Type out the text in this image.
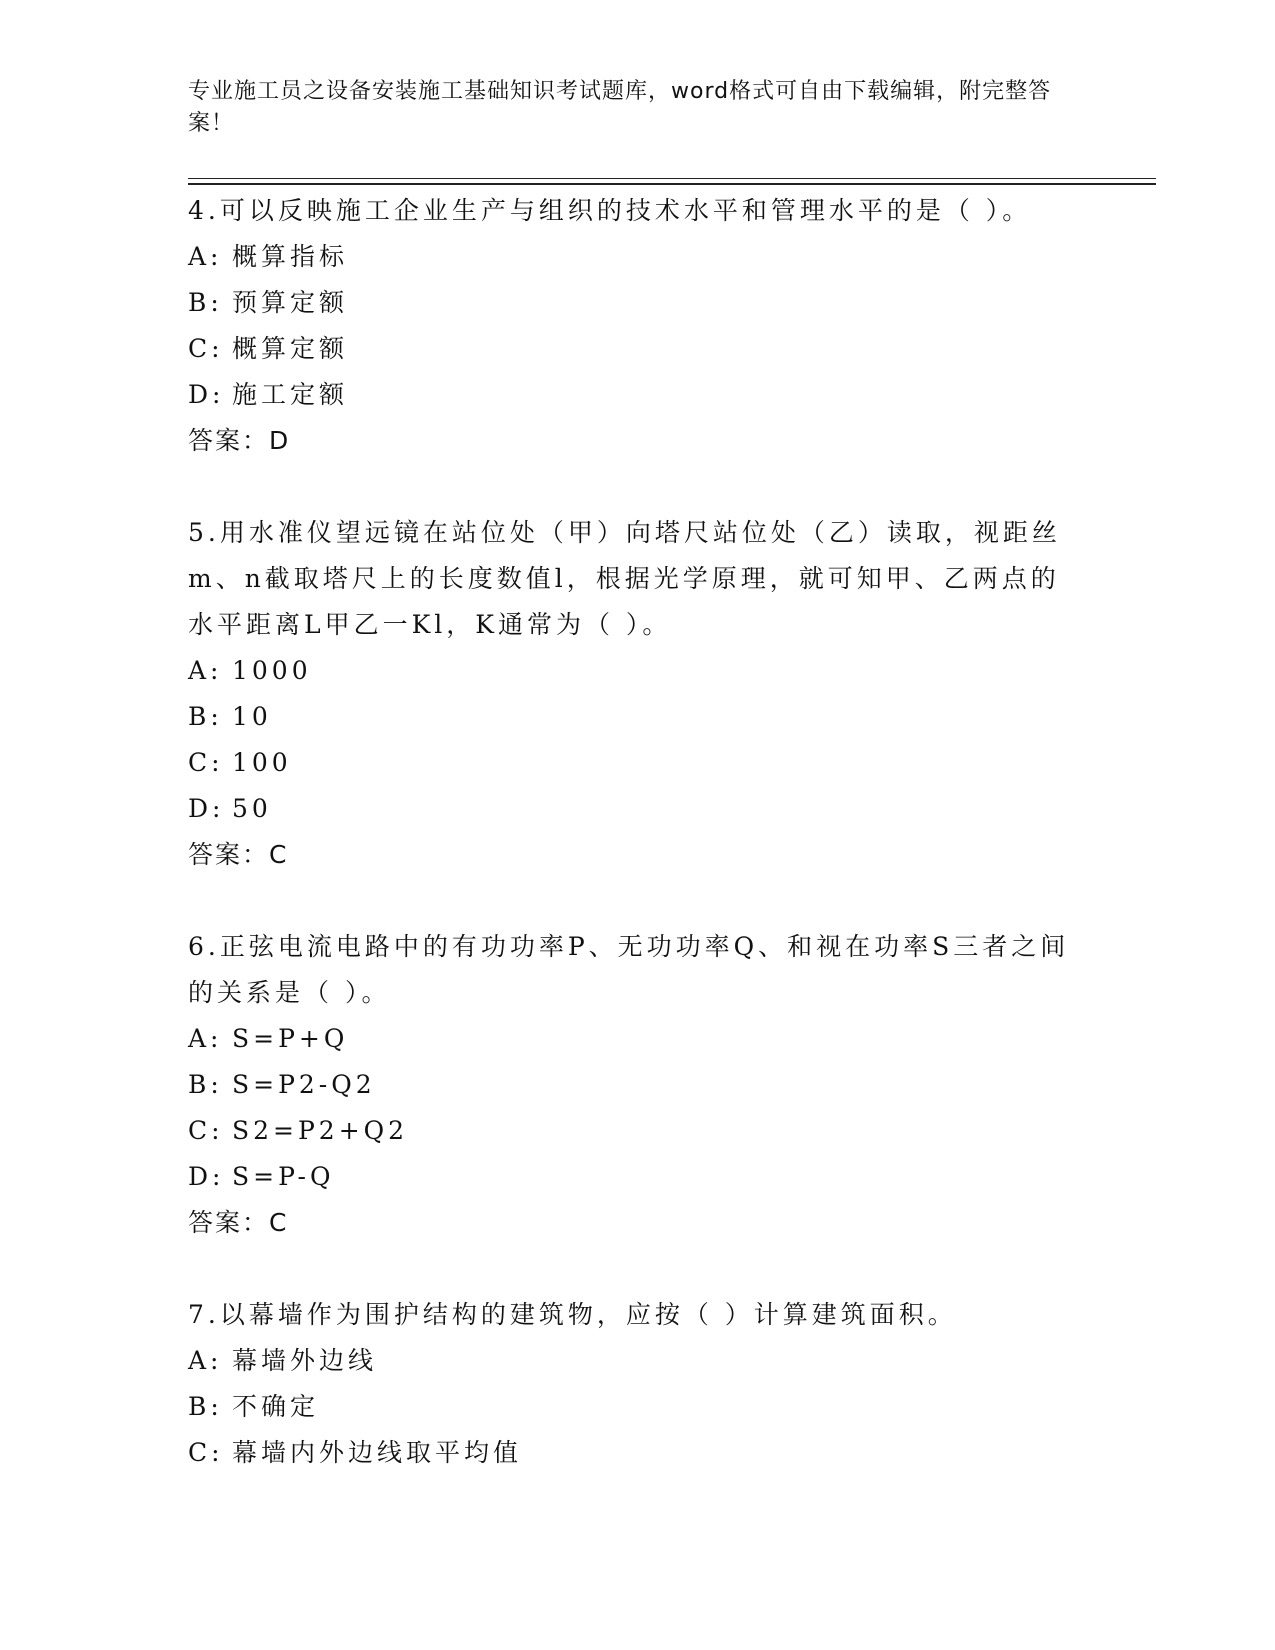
专业施工员之设备安装施工基础知识考试题库，word格式可自由下载编辑，附完整答案！

4.可以反映施工企业生产与组织的技术水平和管理水平的是（ ）。

A: 概算指标

B: 预算定额

C: 概算定额

D: 施工定额

答案：D

5.用水准仪望远镜在站位处（甲）向塔尺站位处（乙）读取，视距丝m、n截取塔尺上的长度数值l，根据光学原理，就可知甲、乙两点的水平距离L甲乙一Kl，K通常为（ ）。

A: 1000

B: 10

C: 100

D: 50

答案：C

6.正弦电流电路中的有功功率P、无功功率Q、和视在功率S三者之间的关系是（ ）。

A: S=P+Q

B: S=P2-Q2

C: S2=P2+Q2

D: S=P-Q

答案：C

7.以幕墙作为围护结构的建筑物，应按（ ）计算建筑面积。

A: 幕墙外边线

B: 不确定

C: 幕墙内外边线取平均值
